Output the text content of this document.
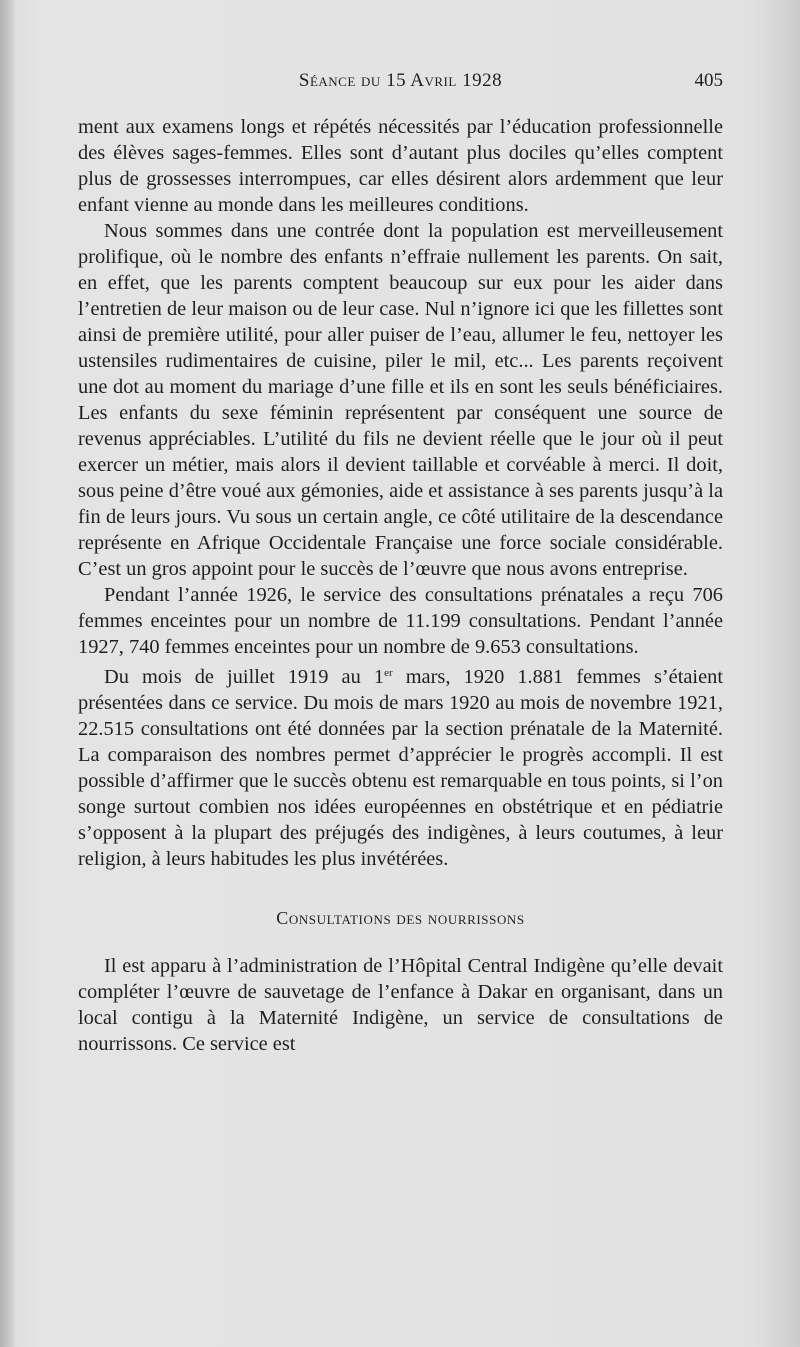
Séance du 15 Avril 1928	405

ment aux examens longs et répétés nécessités par l’éducation professionnelle des élèves sages-femmes. Elles sont d’autant plus dociles qu’elles comptent plus de grossesses interrompues, car elles désirent alors ardemment que leur enfant vienne au monde dans les meilleures conditions.

Nous sommes dans une contrée dont la population est merveilleusement prolifique, où le nombre des enfants n’effraie nullement les parents. On sait, en effet, que les parents comptent beaucoup sur eux pour les aider dans l’entretien de leur maison ou de leur case. Nul n’ignore ici que les fillettes sont ainsi de première utilité, pour aller puiser de l’eau, allumer le feu, nettoyer les ustensiles rudimentaires de cuisine, piler le mil, etc... Les parents reçoivent une dot au moment du mariage d’une fille et ils en sont les seuls bénéficiaires. Les enfants du sexe féminin représentent par conséquent une source de revenus appréciables. L’utilité du fils ne devient réelle que le jour où il peut exercer un métier, mais alors il devient taillable et corvéable à merci. Il doit, sous peine d’être voué aux gémonies, aide et assistance à ses parents jusqu’à la fin de leurs jours. Vu sous un certain angle, ce côté utilitaire de la descendance représente en Afrique Occidentale Française une force sociale considérable. C’est un gros appoint pour le succès de l’œuvre que nous avons entreprise.

Pendant l’année 1926, le service des consultations prénatales a reçu 706 femmes enceintes pour un nombre de 11.199 consultations. Pendant l’année 1927, 740 femmes enceintes pour un nombre de 9.653 consultations.

Du mois de juillet 1919 au 1er mars, 1920 1.881 femmes s’étaient présentées dans ce service. Du mois de mars 1920 au mois de novembre 1921, 22.515 consultations ont été données par la section prénatale de la Maternité. La comparaison des nombres permet d’apprécier le progrès accompli. Il est possible d’affirmer que le succès obtenu est remarquable en tous points, si l’on songe surtout combien nos idées européennes en obstétrique et en pédiatrie s’opposent à la plupart des préjugés des indigènes, à leurs coutumes, à leur religion, à leurs habitudes les plus invétérées.

Consultations des nourrissons

Il est apparu à l’administration de l’Hôpital Central Indigène qu’elle devait compléter l’œuvre de sauvetage de l’enfance à Dakar en organisant, dans un local contigu à la Maternité Indigène, un service de consultations de nourrissons. Ce service est
